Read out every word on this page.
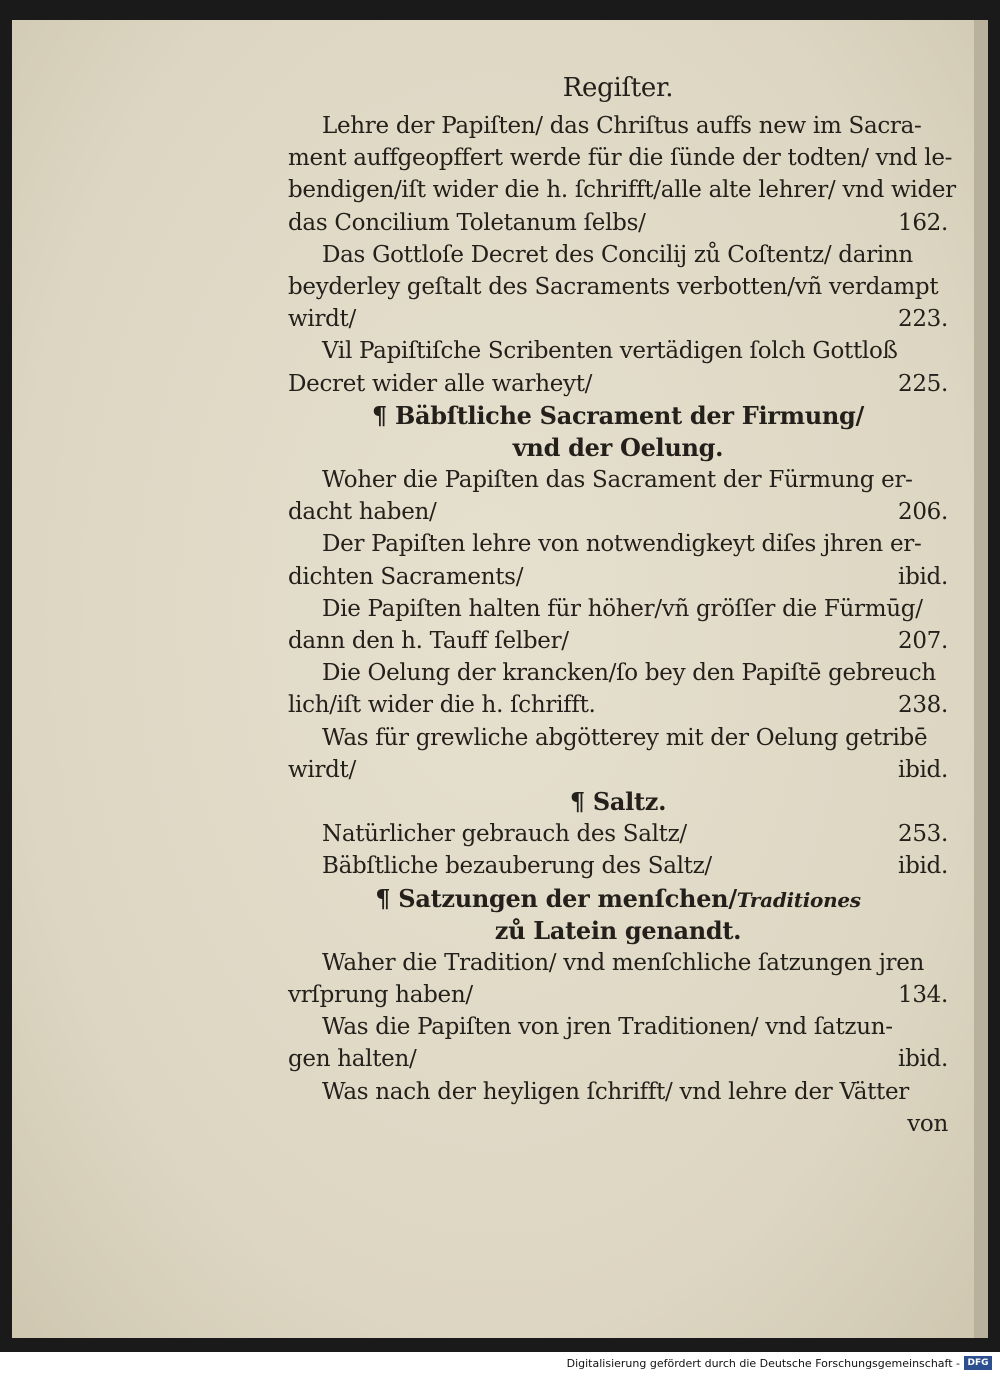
Regiſter.
Lehre der Papiſten/ das Chriſtus auffs new im Sacra-
ment auffgeopffert werde für die ſünde der todten/ vnd le-
bendigen/iſt wider die h. ſchrifft/alle alte lehrer/ vnd wider
das Concilium Toletanum ſelbs/	162.
Das Gottloſe Decret des Concilij zů Coſtentz/ darinn
beyderley geſtalt des Sacraments verbotten/vñ verdampt
wirdt/	223.
Vil Papiſtiſche Scribenten vertädigen ſolch Gottloß
Decret wider alle warheyt/	225.
¶ Bäbſtliche Sacrament der Firmung/
vnd der Oelung.
Woher die Papiſten das Sacrament der Fürmung er-
dacht haben/	206.
Der Papiſten lehre von notwendigkeyt diſes jhren er-
dichten Sacraments/	ibid.
Die Papiſten halten für höher/vñ gröſſer die Fürmūg/
dann den h. Tauff ſelber/	207.
Die Oelung der krancken/ſo bey den Papiſtē gebreuch
lich/iſt wider die h. ſchrifft.	238.
Was für grewliche abgötterey mit der Oelung getribē
wirdt/	ibid.
¶ Saltz.
Natürlicher gebrauch des Saltz/	253.
Bäbſtliche bezauberung des Saltz/	ibid.
¶ Satzungen der menſchen/Traditiones
zů Latein genandt.
Waher die Tradition/ vnd menſchliche ſatzungen jren
vrſprung haben/	134.
Was die Papiſten von jren Traditionen/ vnd ſatzun-
gen halten/	ibid.
Was nach der heyligen ſchrifft/ vnd lehre der Vätter
von
Digitalisierung gefördert durch die Deutsche Forschungsgemeinschaft - DFG
